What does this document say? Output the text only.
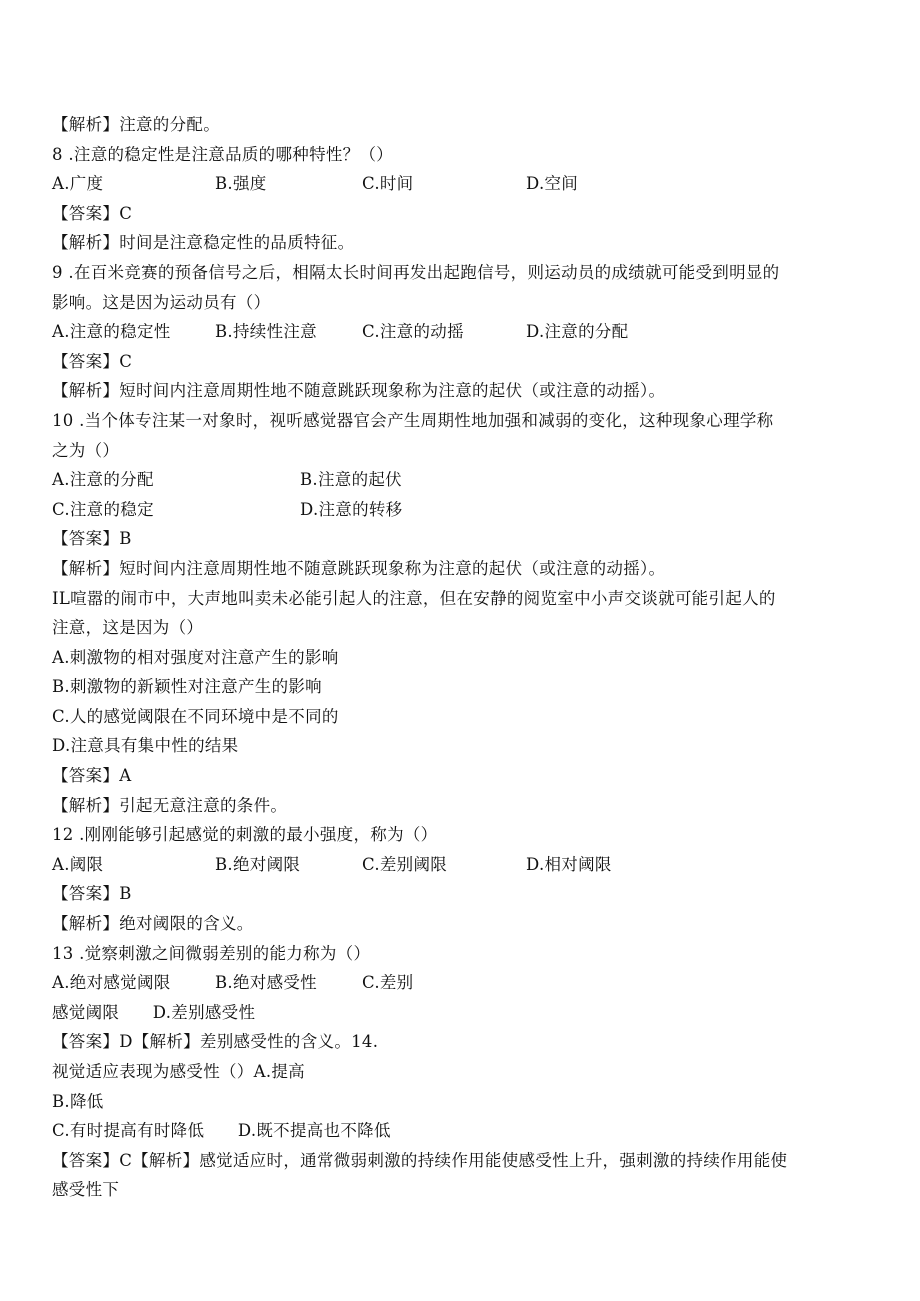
【解析】注意的分配。
8 .注意的稳定性是注意品质的哪种特性？（）
A.广度	B.强度	C.时间	D.空间
【答案】C
【解析】时间是注意稳定性的品质特征。
9 .在百米竞赛的预备信号之后，相隔太长时间再发出起跑信号，则运动员的成绩就可能受到明显的
影响。这是因为运动员有（）
A.注意的稳定性	B.持续性注意	C.注意的动摇	D.注意的分配
【答案】C
【解析】短时间内注意周期性地不随意跳跃现象称为注意的起伏（或注意的动摇）。
10 .当个体专注某一对象时，视听感觉器官会产生周期性地加强和减弱的变化，这种现象心理学称
之为（）
A.注意的分配	B.注意的起伏
C.注意的稳定	D.注意的转移
【答案】B
【解析】短时间内注意周期性地不随意跳跃现象称为注意的起伏（或注意的动摇）。
IL喧嚣的闹市中，大声地叫卖未必能引起人的注意，但在安静的阅览室中小声交谈就可能引起人的
注意，这是因为（）
A.刺激物的相对强度对注意产生的影响
B.刺激物的新颖性对注意产生的影响
C.人的感觉阈限在不同环境中是不同的
D.注意具有集中性的结果
【答案】A
【解析】引起无意注意的条件。
12 .刚刚能够引起感觉的刺激的最小强度，称为（）
A.阈限	B.绝对阈限	C.差别阈限	D.相对阈限
【答案】B
【解析】绝对阈限的含义。
13 .觉察刺激之间微弱差别的能力称为（）
A.绝对感觉阈限	B.绝对感受性	C.差别
感觉阈限　　D.差别感受性
【答案】D【解析】差别感受性的含义。14.
视觉适应表现为感受性（）A.提高
B.降低
C.有时提高有时降低　　D.既不提高也不降低
【答案】C【解析】感觉适应时，通常微弱刺激的持续作用能使感受性上升，强刺激的持续作用能使
感受性下
